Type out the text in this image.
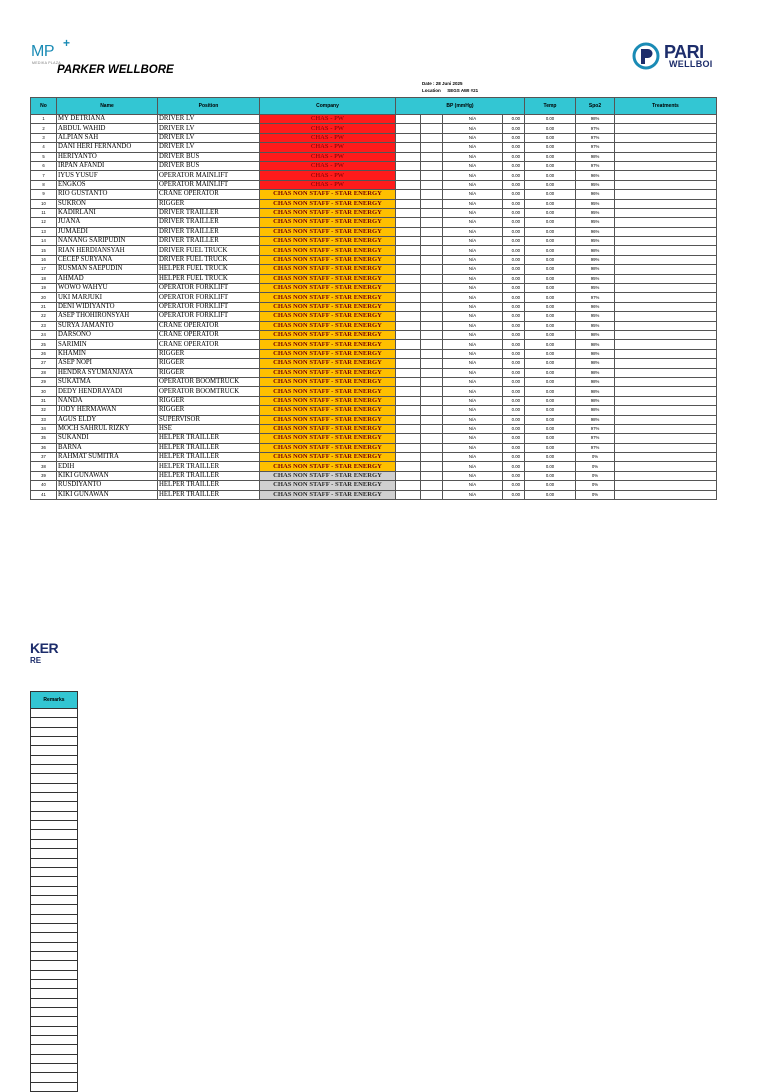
MP +
MEDIKA PLAZA
PARKER WELLBORE
PARI
WELLBOI
Date : 28 Juni 2025
Location SEGS AWI #21
No	Name	Position	Company	BP (mmHg)				Temp	Spo2	Treatments
1	MY DETRIANA	DRIVER LV	CHAS - PW			N/A	0.00	0.00	98%	
2	ABDUL WAHID	DRIVER LV	CHAS - PW			N/A	0.00	0.00	97%	
3	ALPIAN SAH	DRIVER LV	CHAS - PW			N/A	0.00	0.00	97%	
4	DANI HERI FERNANDO	DRIVER LV	CHAS - PW			N/A	0.00	0.00	97%	
5	HERIYANTO	DRIVER BUS	CHAS - PW			N/A	0.00	0.00	98%	
6	IRPAN AFANDI	DRIVER BUS	CHAS - PW			N/A	0.00	0.00	97%	
7	IYUS YUSUF	OPERATOR MAINLIFT	CHAS - PW			N/A	0.00	0.00	96%	
8	ENGKOS	OPERATOR MAINLIFT	CHAS - PW			N/A	0.00	0.00	95%	
9	RIO GUSTANTO	CRANE OPERATOR	CHAS NON STAFF - STAR ENERGY			N/A	0.00	0.00	96%	
10	SUKRON	RIGGER	CHAS NON STAFF - STAR ENERGY			N/A	0.00	0.00	95%	
11	KADIRLANI	DRIVER TRAILLER	CHAS NON STAFF - STAR ENERGY			N/A	0.00	0.00	95%	
12	JUANA	DRIVER TRAILLER	CHAS NON STAFF - STAR ENERGY			N/A	0.00	0.00	95%	
13	JUMAEDI	DRIVER TRAILLER	CHAS NON STAFF - STAR ENERGY			N/A	0.00	0.00	96%	
14	NANANG SARIPUDIN	DRIVER TRAILLER	CHAS NON STAFF - STAR ENERGY			N/A	0.00	0.00	95%	
15	RIAN HERDIANSYAH	DRIVER FUEL TRUCK	CHAS NON STAFF - STAR ENERGY			N/A	0.00	0.00	98%	
16	CECEP SURYANA	DRIVER FUEL TRUCK	CHAS NON STAFF - STAR ENERGY			N/A	0.00	0.00	99%	
17	RUSMAN SAEPUDIN	HELPER FUEL TRUCK	CHAS NON STAFF - STAR ENERGY			N/A	0.00	0.00	98%	
18	AHMAD	HELPER FUEL TRUCK	CHAS NON STAFF - STAR ENERGY			N/A	0.00	0.00	95%	
19	WOWO WAHYU	OPERATOR FORKLIFT	CHAS NON STAFF - STAR ENERGY			N/A	0.00	0.00	95%	
20	UKI MARJUKI	OPERATOR FORKLIFT	CHAS NON STAFF - STAR ENERGY			N/A	0.00	0.00	97%	
21	DENI WIDIYANTO	OPERATOR FORKLIFT	CHAS NON STAFF - STAR ENERGY			N/A	0.00	0.00	96%	
22	ASEP THOHIRONSYAH	OPERATOR FORKLIFT	CHAS NON STAFF - STAR ENERGY			N/A	0.00	0.00	95%	
23	SURYA JAMANTO	CRANE OPERATOR	CHAS NON STAFF - STAR ENERGY			N/A	0.00	0.00	95%	
24	DARSONO	CRANE OPERATOR	CHAS NON STAFF - STAR ENERGY			N/A	0.00	0.00	98%	
25	SARIMIN	CRANE OPERATOR	CHAS NON STAFF - STAR ENERGY			N/A	0.00	0.00	98%	
26	KHAMIN	RIGGER	CHAS NON STAFF - STAR ENERGY			N/A	0.00	0.00	98%	
27	ASEP NOPI	RIGGER	CHAS NON STAFF - STAR ENERGY			N/A	0.00	0.00	98%	
28	HENDRA SYUMANJAYA	RIGGER	CHAS NON STAFF - STAR ENERGY			N/A	0.00	0.00	98%	
29	SUKATMA	OPERATOR BOOMTRUCK	CHAS NON STAFF - STAR ENERGY			N/A	0.00	0.00	98%	
30	DEDY HENDRAYADI	OPERATOR BOOMTRUCK	CHAS NON STAFF - STAR ENERGY			N/A	0.00	0.00	98%	
31	NANDA	RIGGER	CHAS NON STAFF - STAR ENERGY			N/A	0.00	0.00	98%	
32	JODY HERMAWAN	RIGGER	CHAS NON STAFF - STAR ENERGY			N/A	0.00	0.00	98%	
33	AGUS ELDY	SUPERVISOR	CHAS NON STAFF - STAR ENERGY			N/A	0.00	0.00	98%	
34	MOCH SAHRUL RIZKY	HSE	CHAS NON STAFF - STAR ENERGY			N/A	0.00	0.00	97%	
35	SUKANDI	HELPER TRAILLER	CHAS NON STAFF - STAR ENERGY			N/A	0.00	0.00	97%	
36	BARNA	HELPER TRAILLER	CHAS NON STAFF - STAR ENERGY			N/A	0.00	0.00	97%	
37	RAHMAT SUMITRA	HELPER TRAILLER	CHAS NON STAFF - STAR ENERGY			N/A	0.00	0.00	0%	
38	EDIH	HELPER TRAILLER	CHAS NON STAFF - STAR ENERGY			N/A	0.00	0.00	0%	
39	KIKI GUNAWAN	HELPER TRAILLER	CHAS NON STAFF - STAR ENERGY			N/A	0.00	0.00	0%	
40	RUSDIYANTO	HELPER TRAILLER	CHAS NON STAFF - STAR ENERGY			N/A	0.00	0.00	0%	
41	KIKI GUNAWAN	HELPER TRAILLER	CHAS NON STAFF - STAR ENERGY			N/A	0.00	0.00	0%	
KER
RE
Remarks
